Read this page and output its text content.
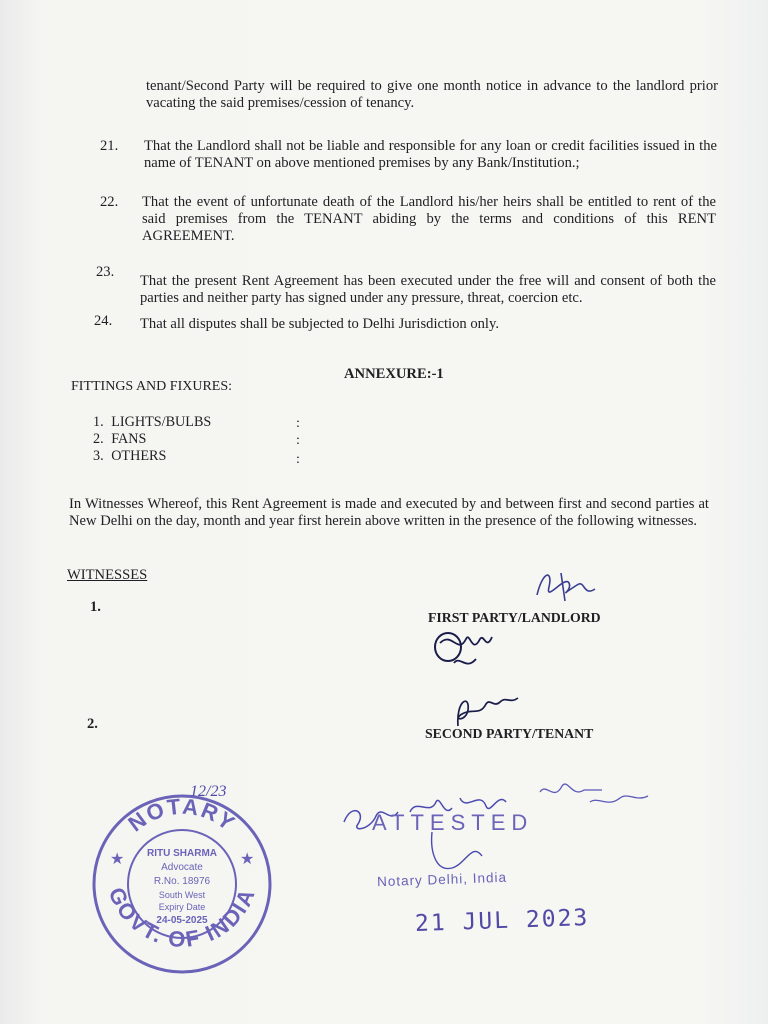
tenant/Second Party will be required to give one month notice in advance to the landlord prior vacating the said premises/cession of tenancy.
21. That the Landlord shall not be liable and responsible for any loan or credit facilities issued in the name of TENANT on above mentioned premises by any Bank/Institution.;
22. That the event of unfortunate death of the Landlord his/her heirs shall be entitled to rent of the said premises from the TENANT abiding by the terms and conditions of this RENT AGREEMENT.
23.
That the present Rent Agreement has been executed under the free will and consent of both the parties and neither party has signed under any pressure, threat, coercion etc.
24. That all disputes shall be subjected to Delhi Jurisdiction only.
ANNEXURE:-1
FITTINGS AND FIXURES:
1. LIGHTS/BULBS	:
2. FANS	:
3. OTHERS	:
In Witnesses Whereof, this Rent Agreement is made and executed by and between first and second parties at New Delhi on the day, month and year first herein above written in the presence of the following witnesses.
WITNESSES
1.
2.
FIRST PARTY/LANDLORD
SECOND PARTY/TENANT
NOTARY
GOVT. OF INDIA
★	★
RITU SHARMA
Advocate
R.No. 18976
South West
Expiry Date
24-05-2025
12/23
ATTESTED
Notary Delhi, India
21 JUL 2023
